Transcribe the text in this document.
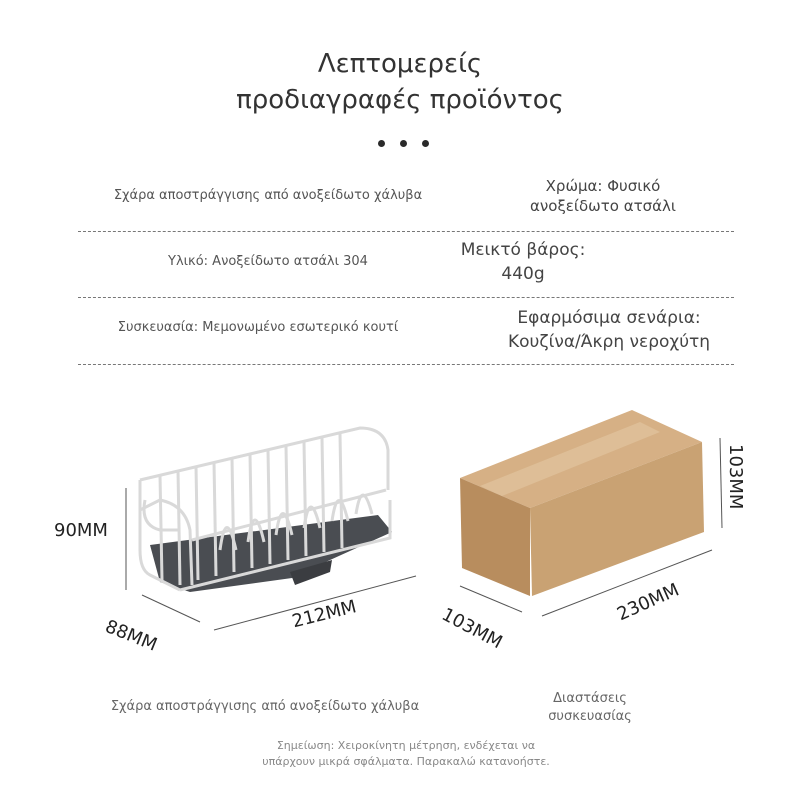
Λεπτομερείς
προδιαγραφές προϊόντος
Σχάρα αποστράγγισης από ανοξείδωτο χάλυβα
Χρώμα: Φυσικό
ανοξείδωτο ατσάλι
Υλικό: Ανοξείδωτο ατσάλι 304
Μεικτό βάρος:
440g
Συσκευασία: Μεμονωμένο εσωτερικό κουτί	Εφαρμόσιμα σενάρια:
Κουζίνα/Άκρη νεροχύτη
90MM
88MM
212MM
103MM
103MM
230MM
Σχάρα αποστράγγισης από ανοξείδωτο χάλυβα
Διαστάσεις
συσκευασίας
Σημείωση: Χειροκίνητη μέτρηση, ενδέχεται να
υπάρχουν μικρά σφάλματα. Παρακαλώ κατανοήστε.
